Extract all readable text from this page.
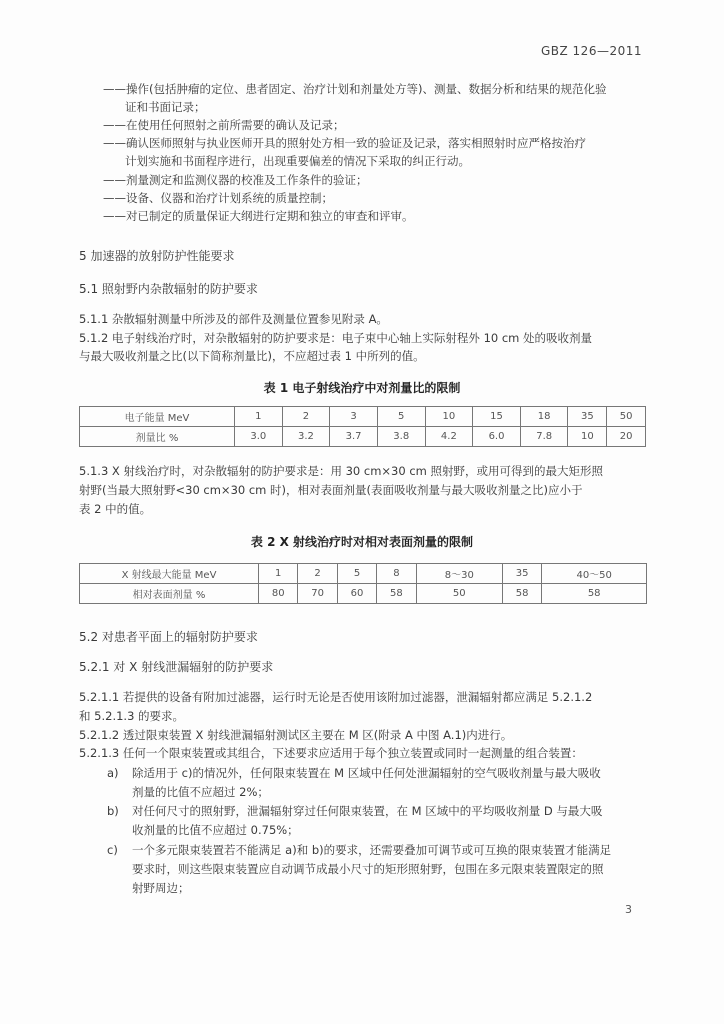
GBZ 126—2011
——操作(包括肿瘤的定位、患者固定、治疗计划和剂量处方等)、测量、数据分析和结果的规范化验
证和书面记录；
——在使用任何照射之前所需要的确认及记录；
——确认医师照射与执业医师开具的照射处方相一致的验证及记录，落实相照射时应严格按治疗
计划实施和书面程序进行，出现重要偏差的情况下采取的纠正行动。
——剂量测定和监测仪器的校准及工作条件的验证；
——设备、仪器和治疗计划系统的质量控制；
——对已制定的质量保证大纲进行定期和独立的审查和评审。
5 加速器的放射防护性能要求
5.1 照射野内杂散辐射的防护要求
5.1.1 杂散辐射测量中所涉及的部件及测量位置参见附录 A。
5.1.2 电子射线治疗时，对杂散辐射的防护要求是：电子束中心轴上实际射程外 10 cm 处的吸收剂量
与最大吸收剂量之比(以下简称剂量比)，不应超过表 1 中所列的值。
表 1 电子射线治疗中对剂量比的限制
电子能量 MeV	1	2	3	5	10	15	18	35	50
剂量比 %	3.0	3.2	3.7	3.8	4.2	6.0	7.8	10	20
5.1.3 X 射线治疗时，对杂散辐射的防护要求是：用 30 cm×30 cm 照射野，或用可得到的最大矩形照
射野(当最大照射野<30 cm×30 cm 时)，相对表面剂量(表面吸收剂量与最大吸收剂量之比)应小于
表 2 中的值。
表 2 X 射线治疗时对相对表面剂量的限制
X 射线最大能量 MeV	1	2	5	8	8～30	35	40～50
相对表面剂量 %	80	70	60	58	50	58	58
5.2 对患者平面上的辐射防护要求
5.2.1 对 X 射线泄漏辐射的防护要求
5.2.1.1 若提供的设备有附加过滤器，运行时无论是否使用该附加过滤器，泄漏辐射都应满足 5.2.1.2
和 5.2.1.3 的要求。
5.2.1.2 透过限束装置 X 射线泄漏辐射测试区主要在 M 区(附录 A 中图 A.1)内进行。
5.2.1.3 任何一个限束装置或其组合，下述要求应适用于每个独立装置或同时一起测量的组合装置：
a) 除适用于 c)的情况外，任何限束装置在 M 区域中任何处泄漏辐射的空气吸收剂量与最大吸收
剂量的比值不应超过 2%；
b) 对任何尺寸的照射野，泄漏辐射穿过任何限束装置，在 M 区域中的平均吸收剂量 D 与最大吸
收剂量的比值不应超过 0.75%；
c) 一个多元限束装置若不能满足 a)和 b)的要求，还需要叠加可调节或可互换的限束装置才能满足
要求时，则这些限束装置应自动调节成最小尺寸的矩形照射野，包围在多元限束装置限定的照
射野周边；
3
